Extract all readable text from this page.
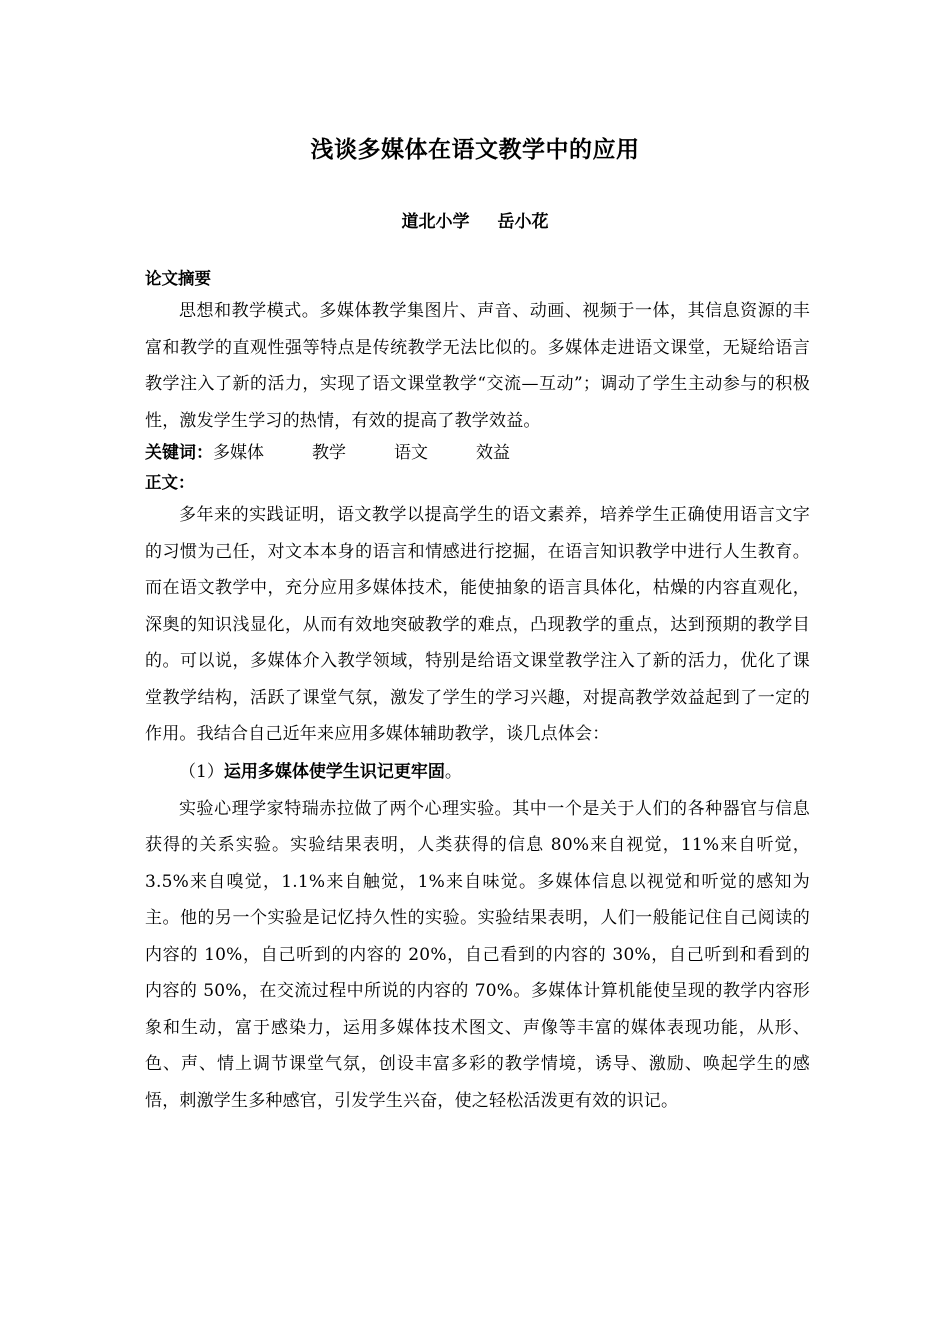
浅谈多媒体在语文教学中的应用
道北小学 岳小花

论文摘要

思想和教学模式。多媒体教学集图片、声音、动画、视频于一体，其信息资源的丰富和教学的直观性强等特点是传统教学无法比似的。多媒体走进语文课堂，无疑给语言教学注入了新的活力，实现了语文课堂教学“交流—互动”；调动了学生主动参与的积极性，激发学生学习的热情，有效的提高了教学效益。

关键词：多媒体	教学	语文	效益

正文：

多年来的实践证明，语文教学以提高学生的语文素养，培养学生正确使用语言文字的习惯为己任，对文本本身的语言和情感进行挖掘，在语言知识教学中进行人生教育。而在语文教学中，充分应用多媒体技术，能使抽象的语言具体化，枯燥的内容直观化，深奥的知识浅显化，从而有效地突破教学的难点，凸现教学的重点，达到预期的教学目的。可以说，多媒体介入教学领域，特别是给语文课堂教学注入了新的活力，优化了课堂教学结构，活跃了课堂气氛，激发了学生的学习兴趣，对提高教学效益起到了一定的作用。我结合自己近年来应用多媒体辅助教学，谈几点体会：

（1）运用多媒体使学生识记更牢固。

实验心理学家特瑞赤拉做了两个心理实验。其中一个是关于人们的各种器官与信息获得的关系实验。实验结果表明，人类获得的信息 80%来自视觉，11%来自听觉，3.5%来自嗅觉，1.1%来自触觉，1%来自味觉。多媒体信息以视觉和听觉的感知为主。他的另一个实验是记忆持久性的实验。实验结果表明，人们一般能记住自己阅读的内容的 10%，自己听到的内容的 20%，自己看到的内容的 30%，自己听到和看到的内容的 50%，在交流过程中所说的内容的 70%。多媒体计算机能使呈现的教学内容形象和生动，富于感染力，运用多媒体技术图文、声像等丰富的媒体表现功能，从形、色、声、情上调节课堂气氛，创设丰富多彩的教学情境，诱导、激励、唤起学生的感悟，刺激学生多种感官，引发学生兴奋，使之轻松活泼更有效的识记。
